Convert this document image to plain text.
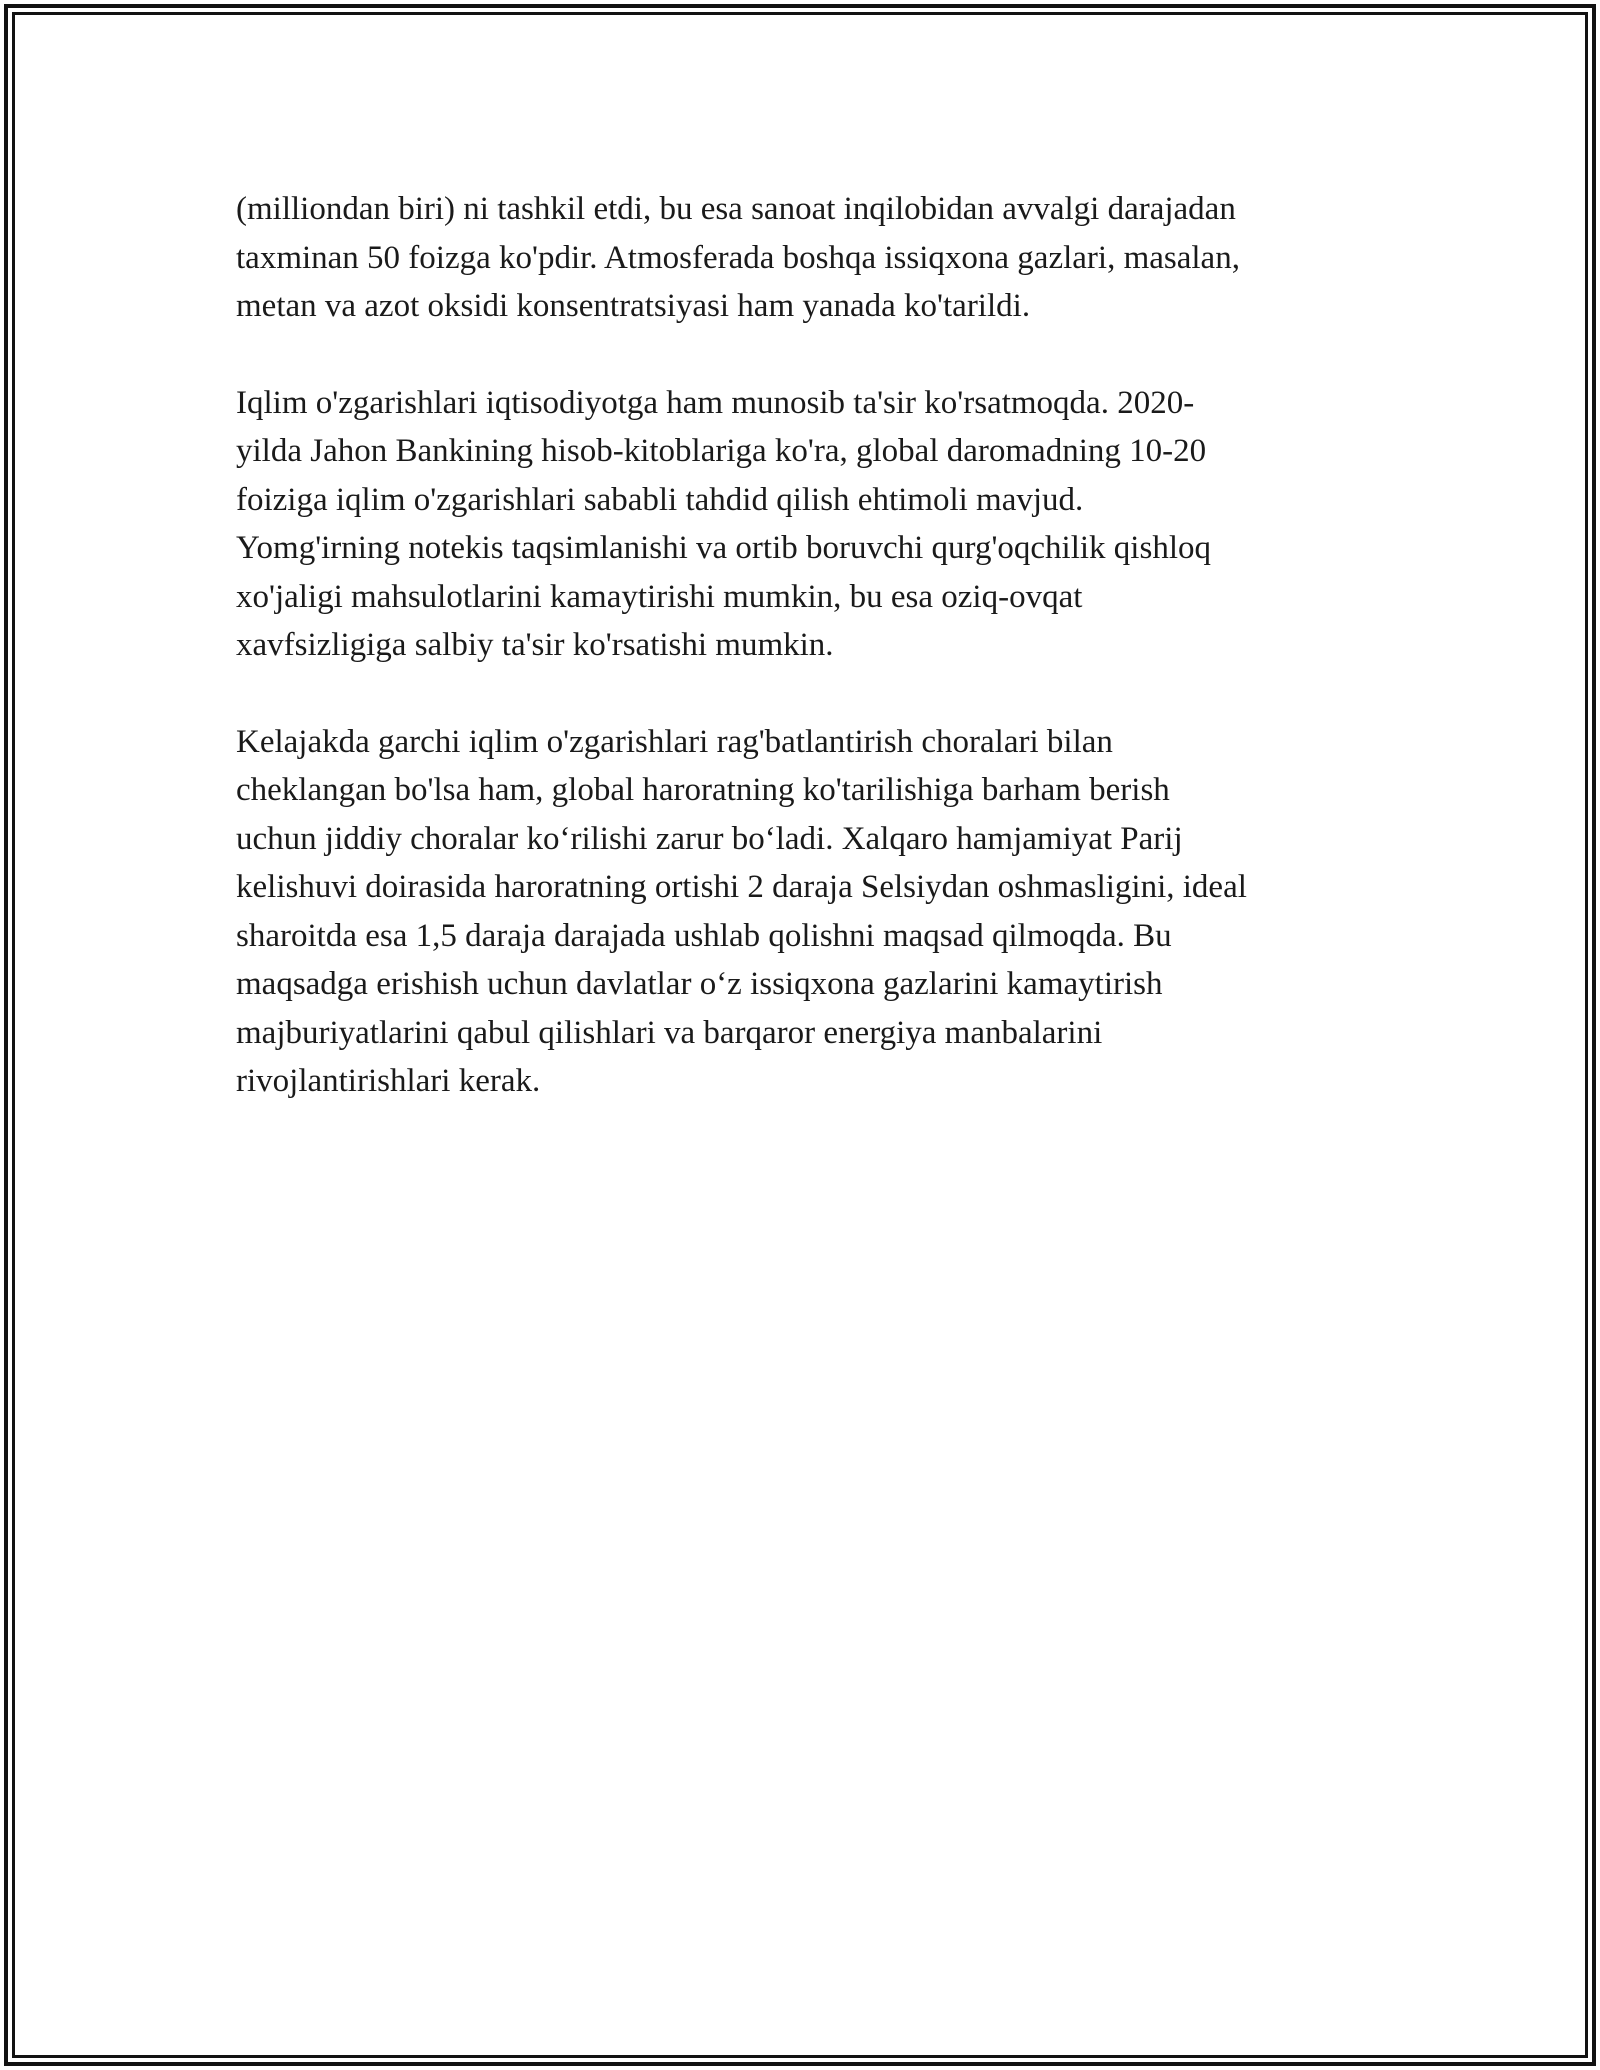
(milliondan biri) ni tashkil etdi, bu esa sanoat inqilobidan avvalgi darajadan
taxminan 50 foizga ko'pdir. Atmosferada boshqa issiqxona gazlari, masalan,
metan va azot oksidi konsentratsiyasi ham yanada ko'tarildi.

Iqlim o'zgarishlari iqtisodiyotga ham munosib ta'sir ko'rsatmoqda. 2020-
yilda Jahon Bankining hisob-kitoblariga ko'ra, global daromadning 10-20
foiziga iqlim o'zgarishlari sababli tahdid qilish ehtimoli mavjud.
Yomg'irning notekis taqsimlanishi va ortib boruvchi qurg'oqchilik qishloq
xo'jaligi mahsulotlarini kamaytirishi mumkin, bu esa oziq-ovqat
xavfsizligiga salbiy ta'sir ko'rsatishi mumkin.

Kelajakda garchi iqlim o'zgarishlari rag'batlantirish choralari bilan
cheklangan bo'lsa ham, global haroratning ko'tarilishiga barham berish
uchun jiddiy choralar ko‘rilishi zarur bo‘ladi. Xalqaro hamjamiyat Parij
kelishuvi doirasida haroratning ortishi 2 daraja Selsiydan oshmasligini, ideal
sharoitda esa 1,5 daraja darajada ushlab qolishni maqsad qilmoqda. Bu
maqsadga erishish uchun davlatlar o‘z issiqxona gazlarini kamaytirish
majburiyatlarini qabul qilishlari va barqaror energiya manbalarini
rivojlantirishlari kerak.
